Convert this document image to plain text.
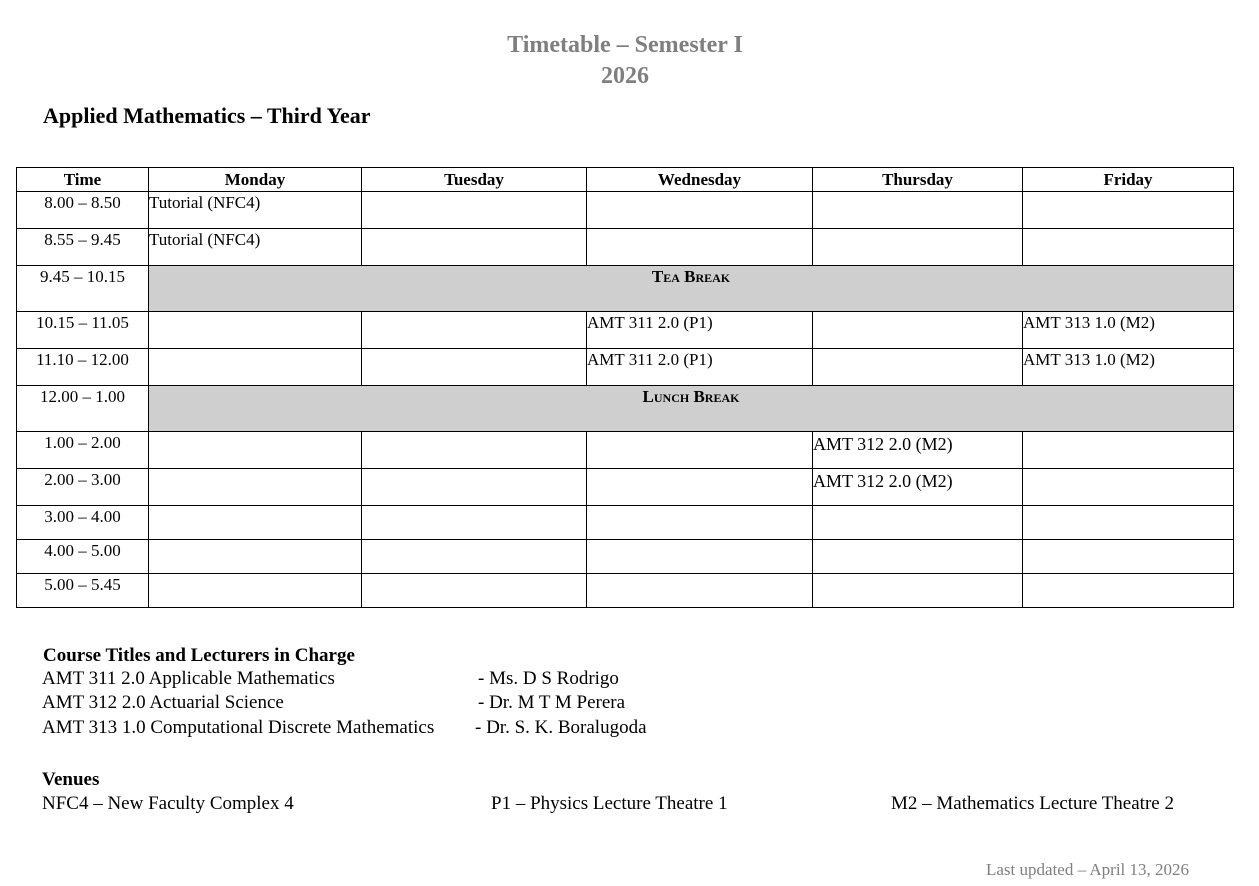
Timetable – Semester I
2026
Applied Mathematics – Third Year
Time	Monday	Tuesday	Wednesday	Thursday	Friday
8.00 – 8.50	Tutorial (NFC4)				
8.55 – 9.45	Tutorial (NFC4)				
9.45 – 10.15	Tea Break				
10.15 – 11.05			AMT 311 2.0 (P1)		AMT 313 1.0 (M2)
11.10 – 12.00			AMT 311 2.0 (P1)		AMT 313 1.0 (M2)
12.00 – 1.00	Lunch Break				
1.00 – 2.00				AMT 312 2.0 (M2)	
2.00 – 3.00				AMT 312 2.0 (M2)	
3.00 – 4.00					
4.00 – 5.00					
5.00 – 5.45					
Course Titles and Lecturers in Charge
AMT 311 2.0 Applicable Mathematics	- Ms. D S Rodrigo
AMT 312 2.0 Actuarial Science	- Dr. M T M Perera
AMT 313 1.0 Computational Discrete Mathematics - Dr. S. K. Boralugoda
Venues
NFC4 – New Faculty Complex 4	P1 – Physics Lecture Theatre 1	M2 – Mathematics Lecture Theatre 2
Last updated – April 13, 2026
